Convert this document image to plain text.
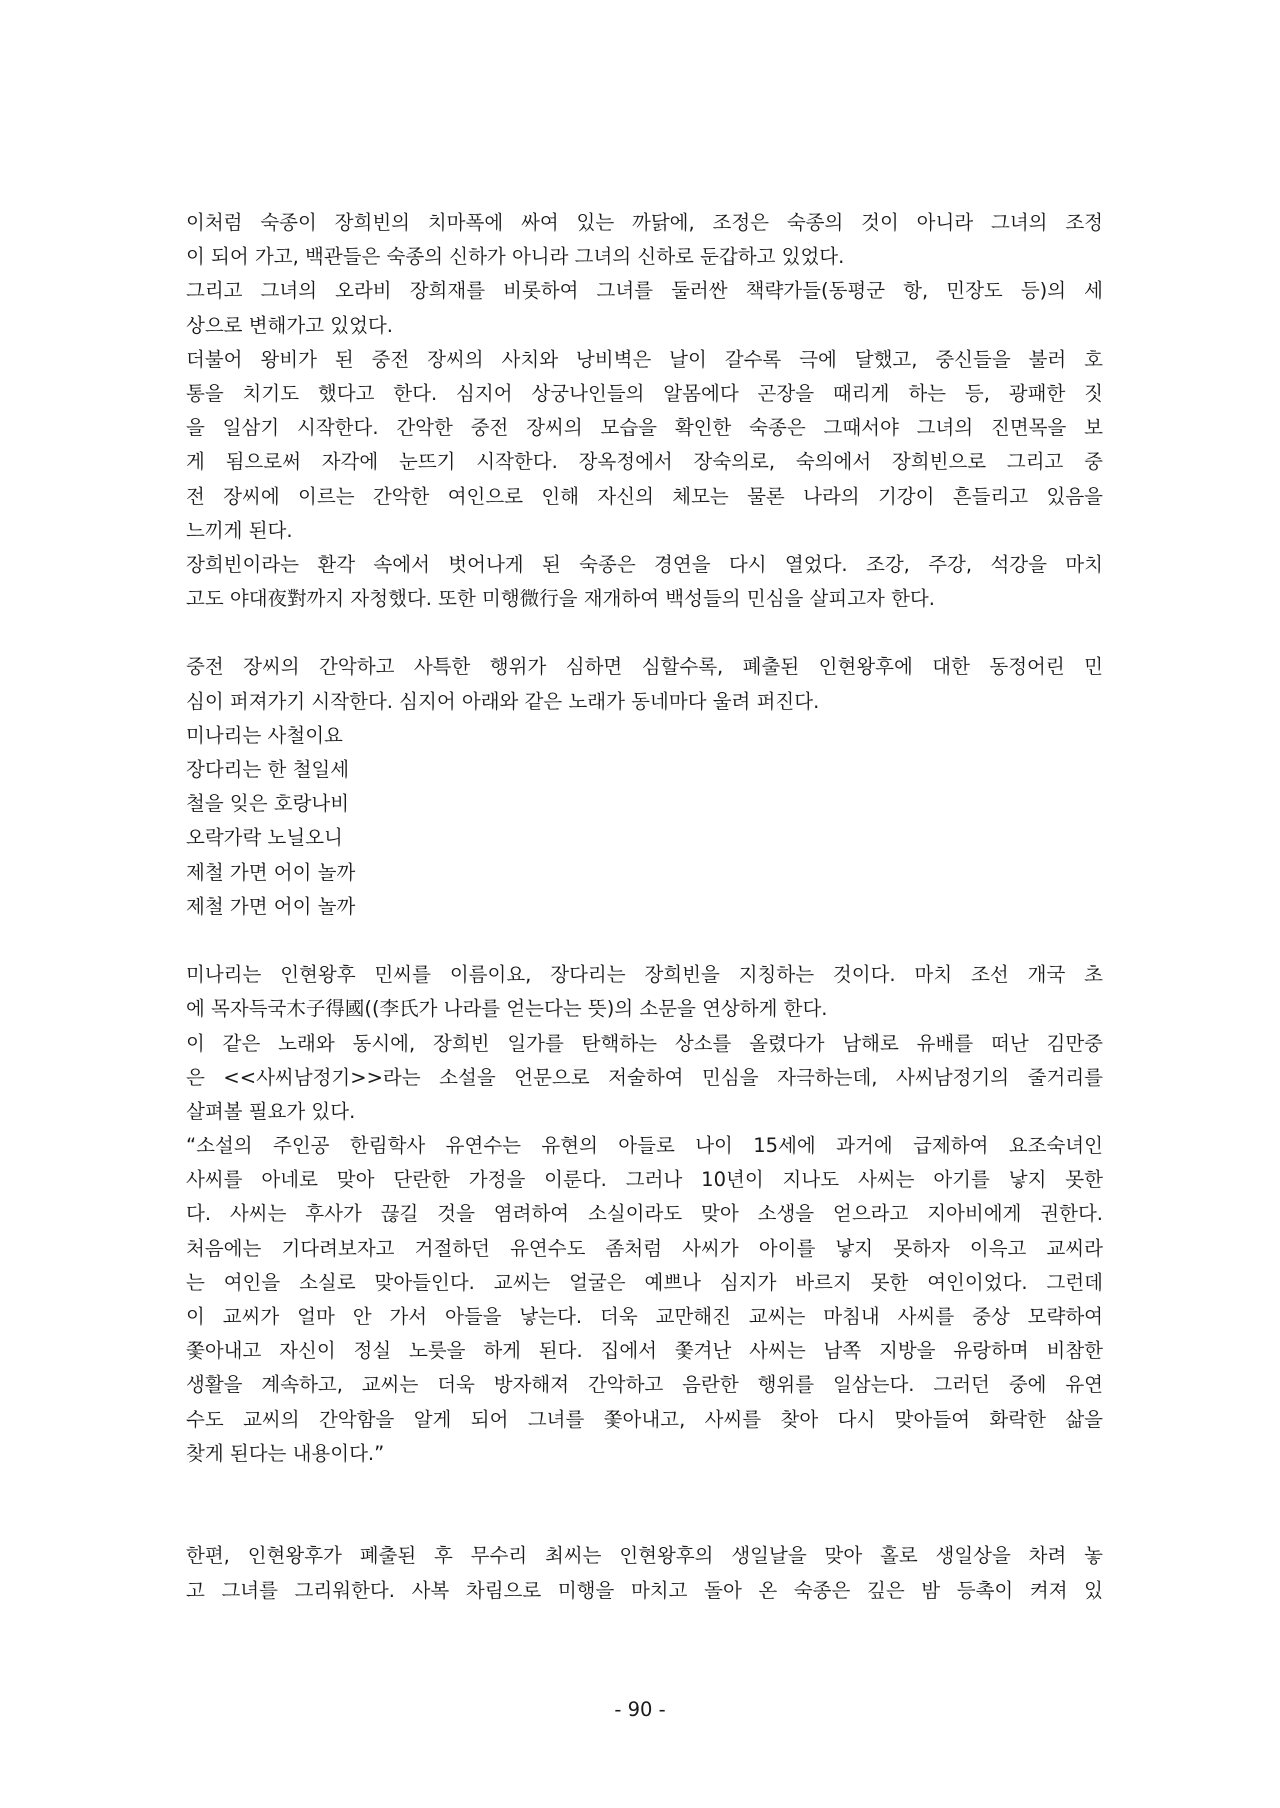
이처럼 숙종이 장희빈의 치마폭에 싸여 있는 까닭에, 조정은 숙종의 것이 아니라 그녀의 조정
이 되어 가고, 백관들은 숙종의 신하가 아니라 그녀의 신하로 둔갑하고 있었다.
그리고 그녀의 오라비 장희재를 비롯하여 그녀를 둘러싼 책략가들(동평군 항, 민장도 등)의 세
상으로 변해가고 있었다.
더불어 왕비가 된 중전 장씨의 사치와 낭비벽은 날이 갈수록 극에 달했고, 중신들을 불러 호
통을 치기도 했다고 한다. 심지어 상궁나인들의 알몸에다 곤장을 때리게 하는 등, 광패한 짓
을 일삼기 시작한다. 간악한 중전 장씨의 모습을 확인한 숙종은 그때서야 그녀의 진면목을 보
게 됨으로써 자각에 눈뜨기 시작한다. 장옥정에서 장숙의로, 숙의에서 장희빈으로 그리고 중
전 장씨에 이르는 간악한 여인으로 인해 자신의 체모는 물론 나라의 기강이 흔들리고 있음을
느끼게 된다.
장희빈이라는 환각 속에서 벗어나게 된 숙종은 경연을 다시 열었다. 조강, 주강, 석강을 마치
고도 야대夜對까지 자청했다. 또한 미행微行을 재개하여 백성들의 민심을 살피고자 한다.
중전 장씨의 간악하고 사특한 행위가 심하면 심할수록, 폐출된 인현왕후에 대한 동정어린 민
심이 퍼져가기 시작한다. 심지어 아래와 같은 노래가 동네마다 울려 퍼진다.
미나리는 사철이요
장다리는 한 철일세
철을 잊은 호랑나비
오락가락 노닐오니
제철 가면 어이 놀까
제철 가면 어이 놀까
미나리는 인현왕후 민씨를 이름이요, 장다리는 장희빈을 지칭하는 것이다. 마치 조선 개국 초
에 목자득국木子得國((李氏가 나라를 얻는다는 뜻)의 소문을 연상하게 한다.
이 같은 노래와 동시에, 장희빈 일가를 탄핵하는 상소를 올렸다가 남해로 유배를 떠난 김만중
은 <<사씨남정기>>라는 소설을 언문으로 저술하여 민심을 자극하는데, 사씨남정기의 줄거리를
살펴볼 필요가 있다.
“소설의 주인공 한림학사 유연수는 유현의 아들로 나이 15세에 과거에 급제하여 요조숙녀인
사씨를 아네로 맞아 단란한 가정을 이룬다. 그러나 10년이 지나도 사씨는 아기를 낳지 못한
다. 사씨는 후사가 끊길 것을 염려하여 소실이라도 맞아 소생을 얻으라고 지아비에게 권한다.
처음에는 기다려보자고 거절하던 유연수도 좀처럼 사씨가 아이를 낳지 못하자 이윽고 교씨라
는 여인을 소실로 맞아들인다. 교씨는 얼굴은 예쁘나 심지가 바르지 못한 여인이었다. 그런데
이 교씨가 얼마 안 가서 아들을 낳는다. 더욱 교만해진 교씨는 마침내 사씨를 중상 모략하여
쫓아내고 자신이 정실 노릇을 하게 된다. 집에서 쫓겨난 사씨는 남쪽 지방을 유랑하며 비참한
생활을 계속하고, 교씨는 더욱 방자해져 간악하고 음란한 행위를 일삼는다. 그러던 중에 유연
수도 교씨의 간악함을 알게 되어 그녀를 쫓아내고, 사씨를 찾아 다시 맞아들여 화락한 삶을
찾게 된다는 내용이다.”
한편, 인현왕후가 폐출된 후 무수리 최씨는 인현왕후의 생일날을 맞아 홀로 생일상을 차려 놓
고 그녀를 그리워한다. 사복 차림으로 미행을 마치고 돌아 온 숙종은 깊은 밤 등촉이 켜져 있
- 90 -
